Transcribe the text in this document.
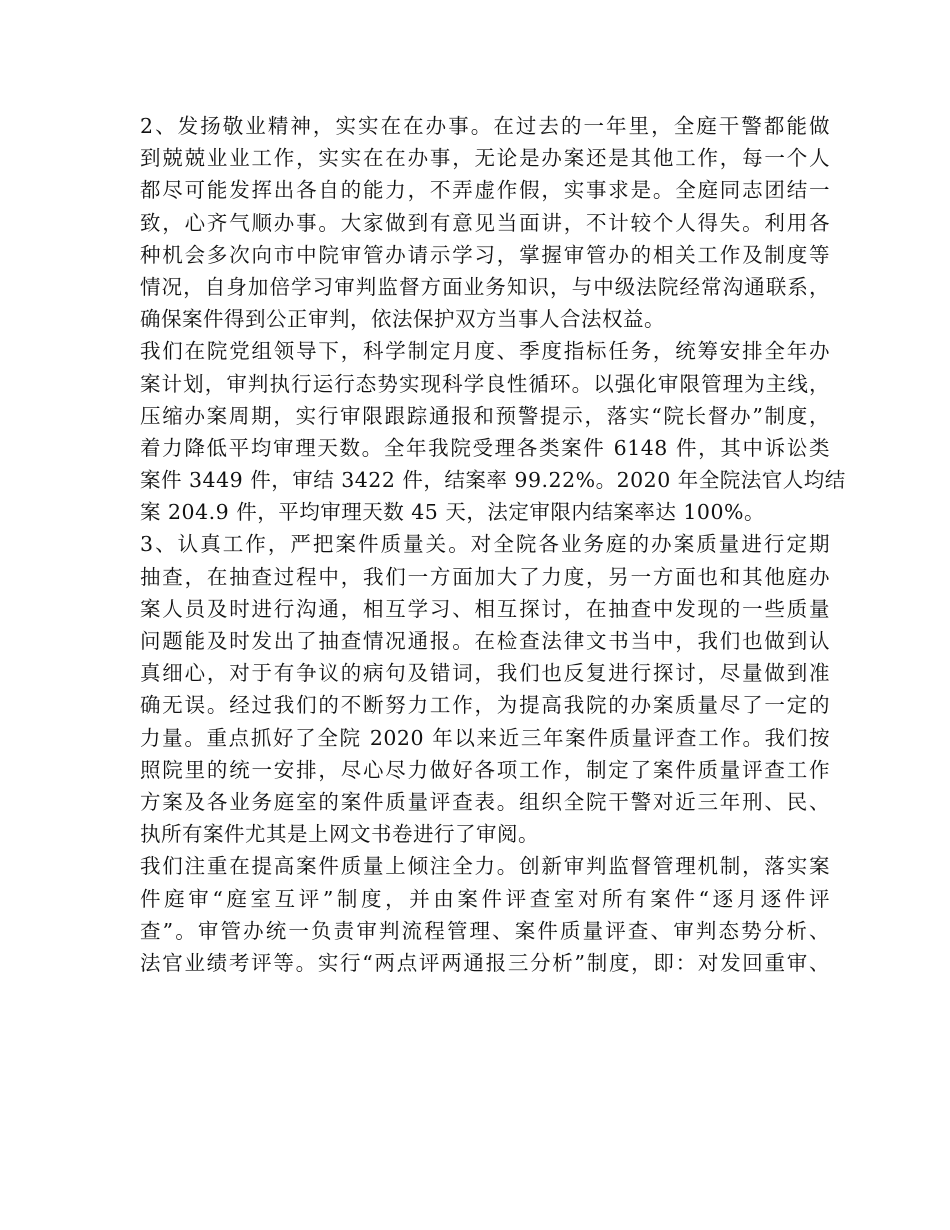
2、发扬敬业精神，实实在在办事。在过去的一年里，全庭干警都能做
到兢兢业业工作，实实在在办事，无论是办案还是其他工作，每一个人
都尽可能发挥出各自的能力，不弄虚作假，实事求是。全庭同志团结一
致，心齐气顺办事。大家做到有意见当面讲，不计较个人得失。利用各
种机会多次向市中院审管办请示学习，掌握审管办的相关工作及制度等
情况，自身加倍学习审判监督方面业务知识，与中级法院经常沟通联系，
确保案件得到公正审判，依法保护双方当事人合法权益。
我们在院党组领导下，科学制定月度、季度指标任务，统筹安排全年办
案计划，审判执行运行态势实现科学良性循环。以强化审限管理为主线，
压缩办案周期，实行审限跟踪通报和预警提示，落实“院长督办”制度，
着力降低平均审理天数。全年我院受理各类案件 6148 件，其中诉讼类
案件 3449 件，审结 3422 件，结案率 99.22%。2020 年全院法官人均结
案 204.9 件，平均审理天数 45 天，法定审限内结案率达 100%。
3、认真工作，严把案件质量关。对全院各业务庭的办案质量进行定期
抽查，在抽查过程中，我们一方面加大了力度，另一方面也和其他庭办
案人员及时进行沟通，相互学习、相互探讨，在抽查中发现的一些质量
问题能及时发出了抽查情况通报。在检查法律文书当中，我们也做到认
真细心，对于有争议的病句及错词，我们也反复进行探讨，尽量做到准
确无误。经过我们的不断努力工作，为提高我院的办案质量尽了一定的
力量。重点抓好了全院 2020 年以来近三年案件质量评查工作。我们按
照院里的统一安排，尽心尽力做好各项工作，制定了案件质量评查工作
方案及各业务庭室的案件质量评查表。组织全院干警对近三年刑、民、
执所有案件尤其是上网文书卷进行了审阅。
我们注重在提高案件质量上倾注全力。创新审判监督管理机制，落实案
件庭审“庭室互评”制度，并由案件评查室对所有案件“逐月逐件评
查”。审管办统一负责审判流程管理、案件质量评查、审判态势分析、
法官业绩考评等。实行“两点评两通报三分析”制度，即：对发回重审、
